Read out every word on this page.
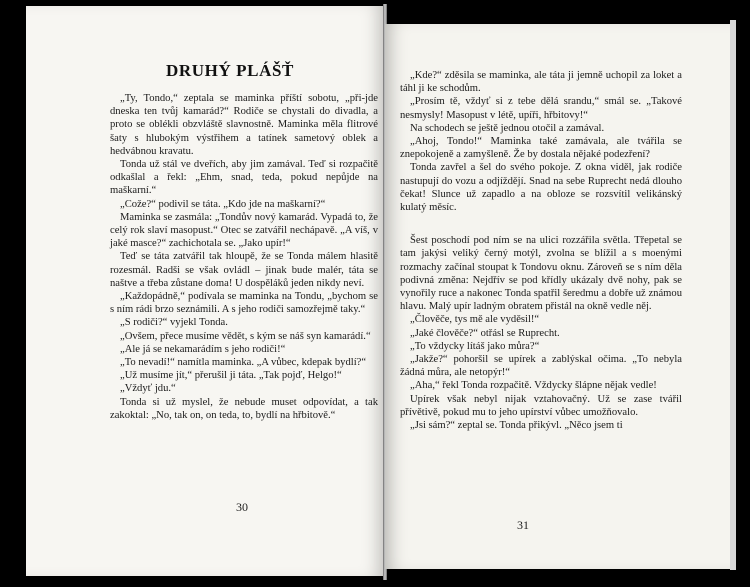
DRUHÝ PLÁŠŤ

„Ty, Tondo,“ zeptala se maminka příští sobotu, „při-jde dneska ten tvůj kamarád?“ Rodiče se chystali do divadla, a proto se oblékli obzvláště slavnostně. Maminka měla flitrové šaty s hlubokým výstřihem a tatínek sametový oblek a hedvábnou kravatu.

Tonda už stál ve dveřích, aby jim zamával. Teď si rozpačitě odkašlal a řekl: „Ehm, snad, teda, pokud nepůjde na maškarní.“

„Cože?“ podivil se táta. „Kdo jde na maškarní?“

Maminka se zasmála: „Tondův nový kamarád. Vypadá to, že celý rok slaví masopust.“ Otec se zatvářil nechápavě. „A víš, v jaké masce?“ zachichotala se. „Jako upír!“

Teď se táta zatvářil tak hloupě, že se Tonda málem hlasitě rozesmál. Radši se však ovládl – jinak bude malér, táta se naštve a třeba zůstane doma! U dospěláků jeden nikdy neví.

„Každopádně,“ podívala se maminka na Tondu, „bychom se s ním rádi brzo seznámili. A s jeho rodiči samozřejmě taky.“

„S rodiči?“ vyjekl Tonda.

„Ovšem, přece musíme vědět, s kým se náš syn kamarádí.“

„Ale já se nekamarádím s jeho rodiči!“

„To nevadí!“ namítla maminka. „A vůbec, kdepak bydlí?“

„Už musíme jít,“ přerušil ji táta. „Tak pojď, Helgo!“

„Vždyť jdu.“

Tonda si už myslel, že nebude muset odpovídat, a tak zakoktal: „No, tak on, on teda, to, bydlí na hřbitově.“

30

„Kde?“ zděsila se maminka, ale táta ji jemně uchopil za loket a táhl ji ke schodům.

„Prosím tě, vždyť si z tebe dělá srandu,“ smál se. „Takové nesmysly! Masopust v létě, upíři, hřbitovy!“

Na schodech se ještě jednou otočil a zamával.

„Ahoj, Tondo!“ Maminka také zamávala, ale tvářila se znepokojeně a zamyšleně. Že by dostala nějaké podezření?

Tonda zavřel a šel do svého pokoje. Z okna viděl, jak rodiče nastupují do vozu a odjíždějí. Snad na sebe Ruprecht nedá dlouho čekat! Slunce už zapadlo a na obloze se rozsvítil velikánský kulatý měsíc.

Šest poschodí pod ním se na ulici rozzářila světla. Třepetal se tam jakýsi veliký černý motýl, zvolna se blížil a s moenými rozmachy začínal stoupat k Tondovu oknu. Zároveň se s ním děla podivná změna: Nejdřív se pod křídly ukázaly dvě nohy, pak se vynořily ruce a nakonec Tonda spatřil šeredmu a dobře už známou hlavu. Malý upír ladným obratem přistál na okně vedle něj.

„Člověče, tys mě ale vyděsil!“

„Jaké člověče?“ otřásl se Ruprecht.

„To vždycky lítáš jako můra?“

„Jakže?“ pohoršil se upírek a zablýskal očima. „To nebyla žádná můra, ale netopýr!“

„Aha,“ řekl Tonda rozpačitě. Vždycky šlápne nějak vedle!

Upírek však nebyl nijak vztahovačný. Už se zase tvářil přívětivě, pokud mu to jeho upírství vůbec umožňovalo.

„Jsi sám?“ zeptal se. Tonda přikývl. „Něco jsem ti

31
